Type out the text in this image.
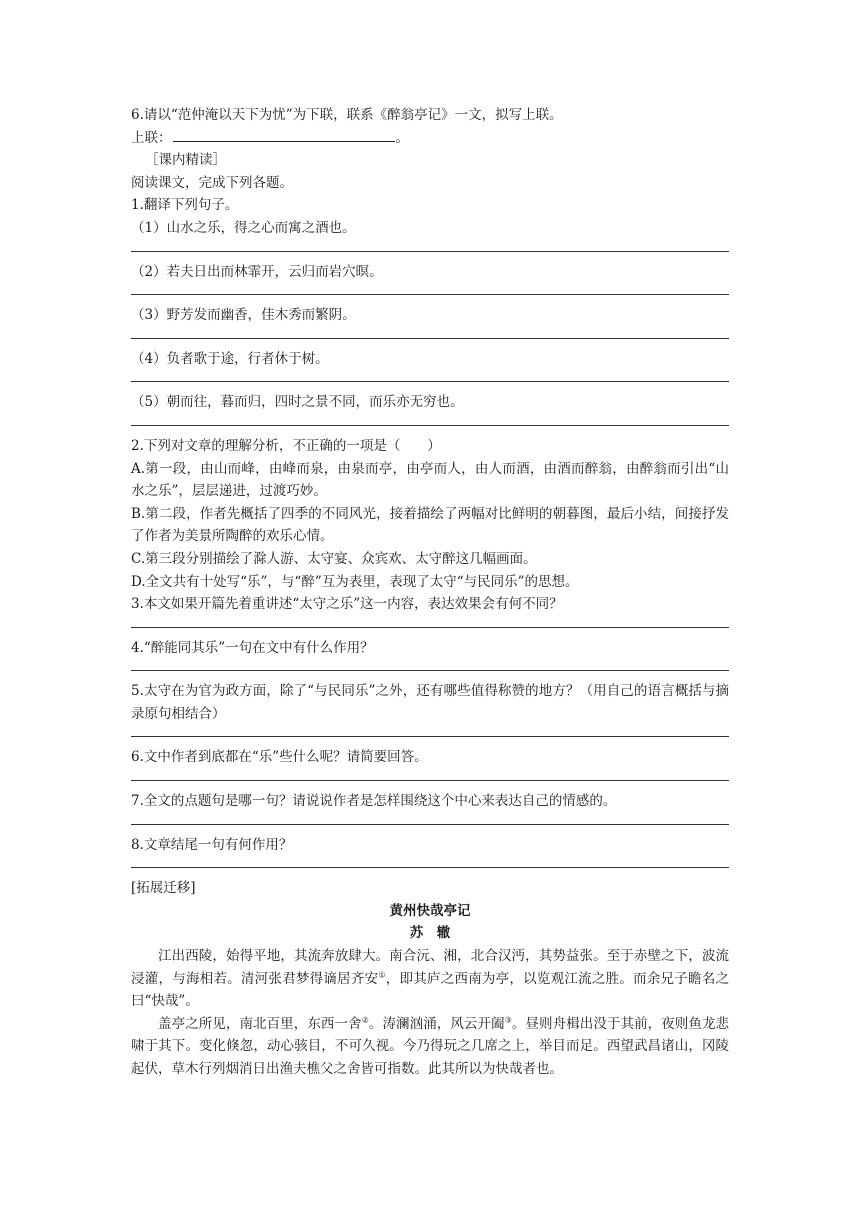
6.请以“范仲淹以天下为忧”为下联，联系《醉翁亭记》一文，拟写上联。
上联：	。
［课内精读］
阅读课文，完成下列各题。
1.翻译下列句子。
（1）山水之乐，得之心而寓之酒也。
（2）若夫日出而林霏开，云归而岩穴暝。
（3）野芳发而幽香，佳木秀而繁阴。
（4）负者歌于途，行者休于树。
（5）朝而往，暮而归，四时之景不同，而乐亦无穷也。
2.下列对文章的理解分析，不正确的一项是（　　）
A.第一段，由山而峰，由峰而泉，由泉而亭，由亭而人，由人而酒，由酒而醉翁，由醉翁而引出“山水之乐”，层层递进，过渡巧妙。
B.第二段，作者先概括了四季的不同风光，接着描绘了两幅对比鲜明的朝暮图，最后小结，间接抒发了作者为美景所陶醉的欢乐心情。
C.第三段分别描绘了滁人游、太守宴、众宾欢、太守醉这几幅画面。
D.全文共有十处写“乐”，与“醉”互为表里，表现了太守“与民同乐”的思想。
3.本文如果开篇先着重讲述“太守之乐”这一内容，表达效果会有何不同？
4.“醉能同其乐”一句在文中有什么作用？
5.太守在为官为政方面，除了“与民同乐”之外，还有哪些值得称赞的地方？（用自己的语言概括与摘录原句相结合）
6.文中作者到底都在“乐”些什么呢？请简要回答。
7.全文的点题句是哪一句？请说说作者是怎样围绕这个中心来表达自己的情感的。
8.文章结尾一句有何作用？
[拓展迁移]
黄州快哉亭记
苏　辙
江出西陵，始得平地，其流奔放肆大。南合沅、湘，北合汉沔，其势益张。至于赤壁之下，波流浸灌，与海相若。清河张君梦得谪居齐安①，即其庐之西南为亭，以览观江流之胜。而余兄子瞻名之曰“快哉”。
盖亭之所见，南北百里，东西一舍②。涛澜汹涌，风云开阖③。昼则舟楫出没于其前，夜则鱼龙悲啸于其下。变化倏忽，动心骇目，不可久视。今乃得玩之几席之上，举目而足。西望武昌诸山，冈陵起伏，草木行列烟消日出渔夫樵父之舍皆可指数。此其所以为快哉者也。
